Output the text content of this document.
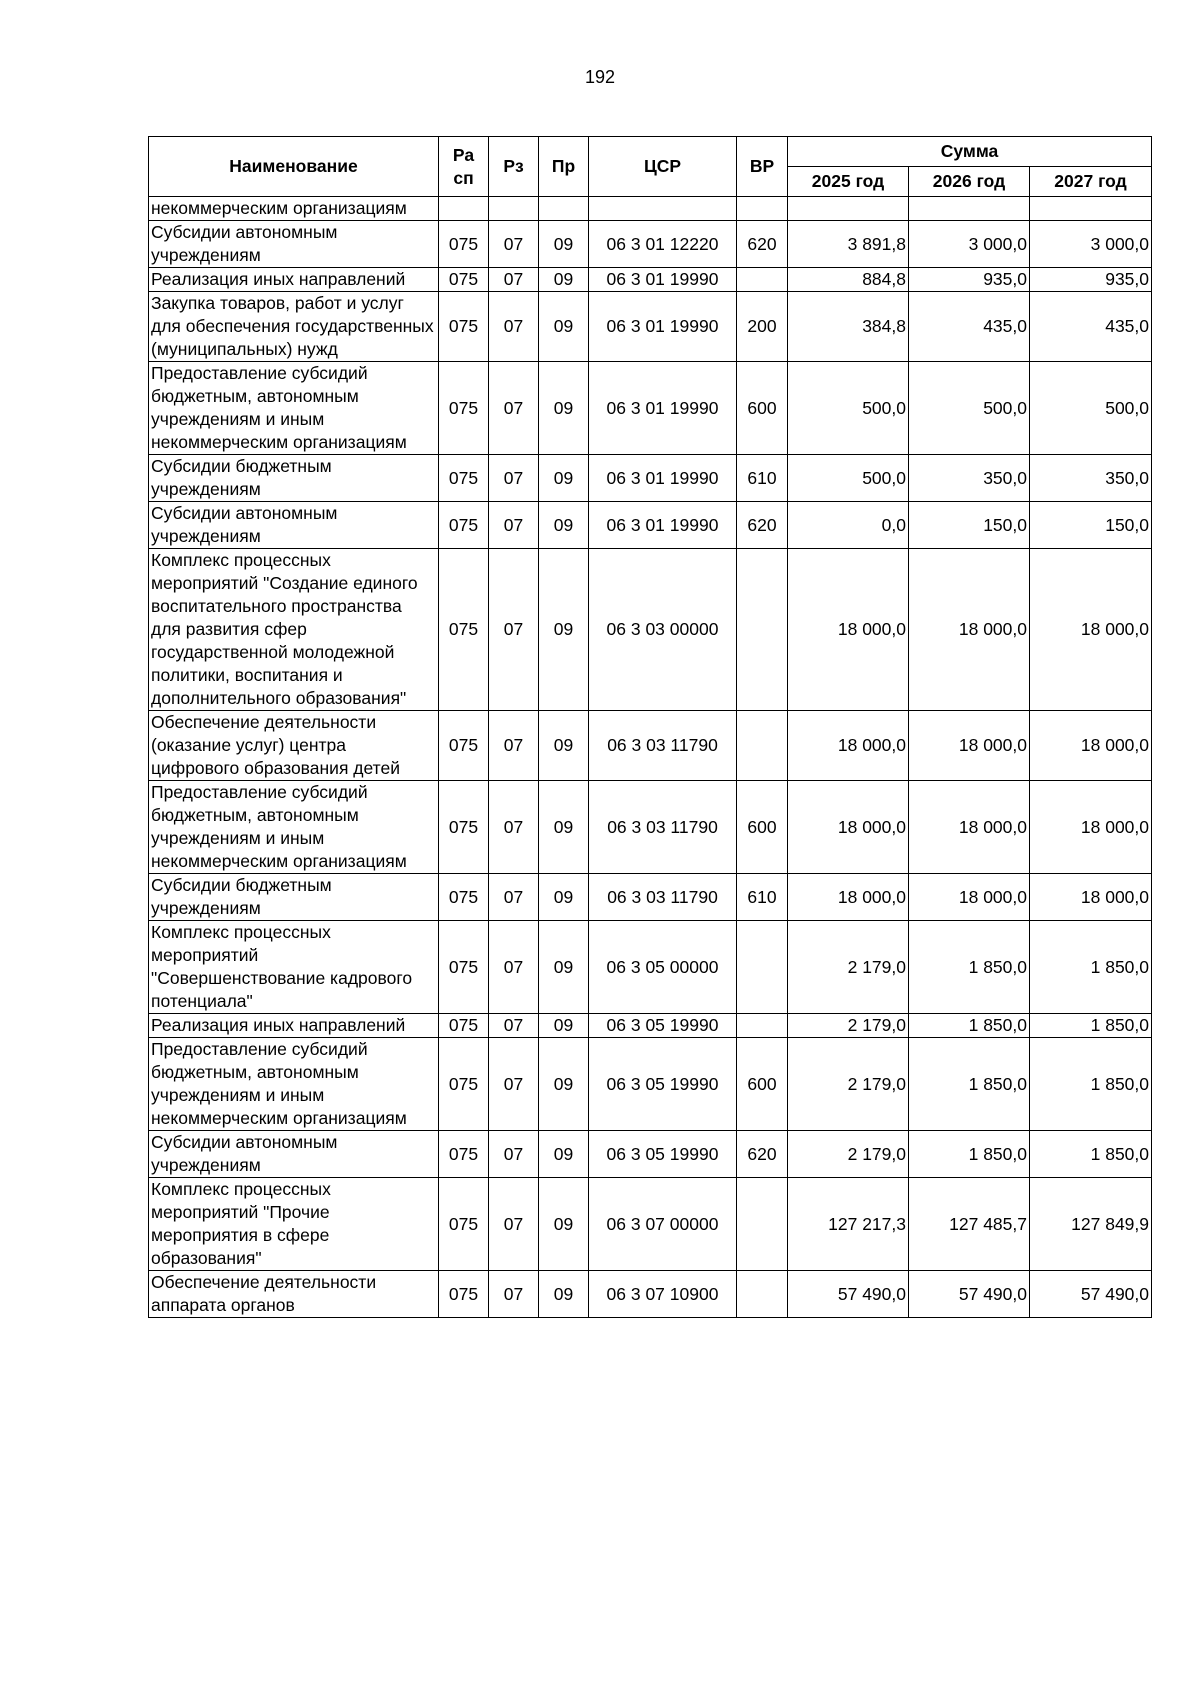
192
Наименование	Ра сп	Рз	Пр	ЦСР	ВР	Сумма		
						2025 год	2026 год	2027 год
некоммерческим организациям								
Субсидии автономным учреждениям	075	07	09	06 3 01 12220	620	3 891,8	3 000,0	3 000,0
Реализация иных направлений	075	07	09	06 3 01 19990		884,8	935,0	935,0
Закупка товаров, работ и услуг для обеспечения государственных (муниципальных) нужд	075	07	09	06 3 01 19990	200	384,8	435,0	435,0
Предоставление субсидий бюджетным, автономным учреждениям и иным некоммерческим организациям	075	07	09	06 3 01 19990	600	500,0	500,0	500,0
Субсидии бюджетным учреждениям	075	07	09	06 3 01 19990	610	500,0	350,0	350,0
Субсидии автономным учреждениям	075	07	09	06 3 01 19990	620	0,0	150,0	150,0
Комплекс процессных мероприятий "Создание единого воспитательного пространства для развития сфер государственной молодежной политики, воспитания и дополнительного образования"	075	07	09	06 3 03 00000		18 000,0	18 000,0	18 000,0
Обеспечение деятельности (оказание услуг) центра цифрового образования детей	075	07	09	06 3 03 11790		18 000,0	18 000,0	18 000,0
Предоставление субсидий бюджетным, автономным учреждениям и иным некоммерческим организациям	075	07	09	06 3 03 11790	600	18 000,0	18 000,0	18 000,0
Субсидии бюджетным учреждениям	075	07	09	06 3 03 11790	610	18 000,0	18 000,0	18 000,0
Комплекс процессных мероприятий "Совершенствование кадрового потенциала"	075	07	09	06 3 05 00000		2 179,0	1 850,0	1 850,0
Реализация иных направлений	075	07	09	06 3 05 19990		2 179,0	1 850,0	1 850,0
Предоставление субсидий бюджетным, автономным учреждениям и иным некоммерческим организациям	075	07	09	06 3 05 19990	600	2 179,0	1 850,0	1 850,0
Субсидии автономным учреждениям	075	07	09	06 3 05 19990	620	2 179,0	1 850,0	1 850,0
Комплекс процессных мероприятий "Прочие мероприятия в сфере образования"	075	07	09	06 3 07 00000		127 217,3	127 485,7	127 849,9
Обеспечение деятельности аппарата органов	075	07	09	06 3 07 10900		57 490,0	57 490,0	57 490,0
